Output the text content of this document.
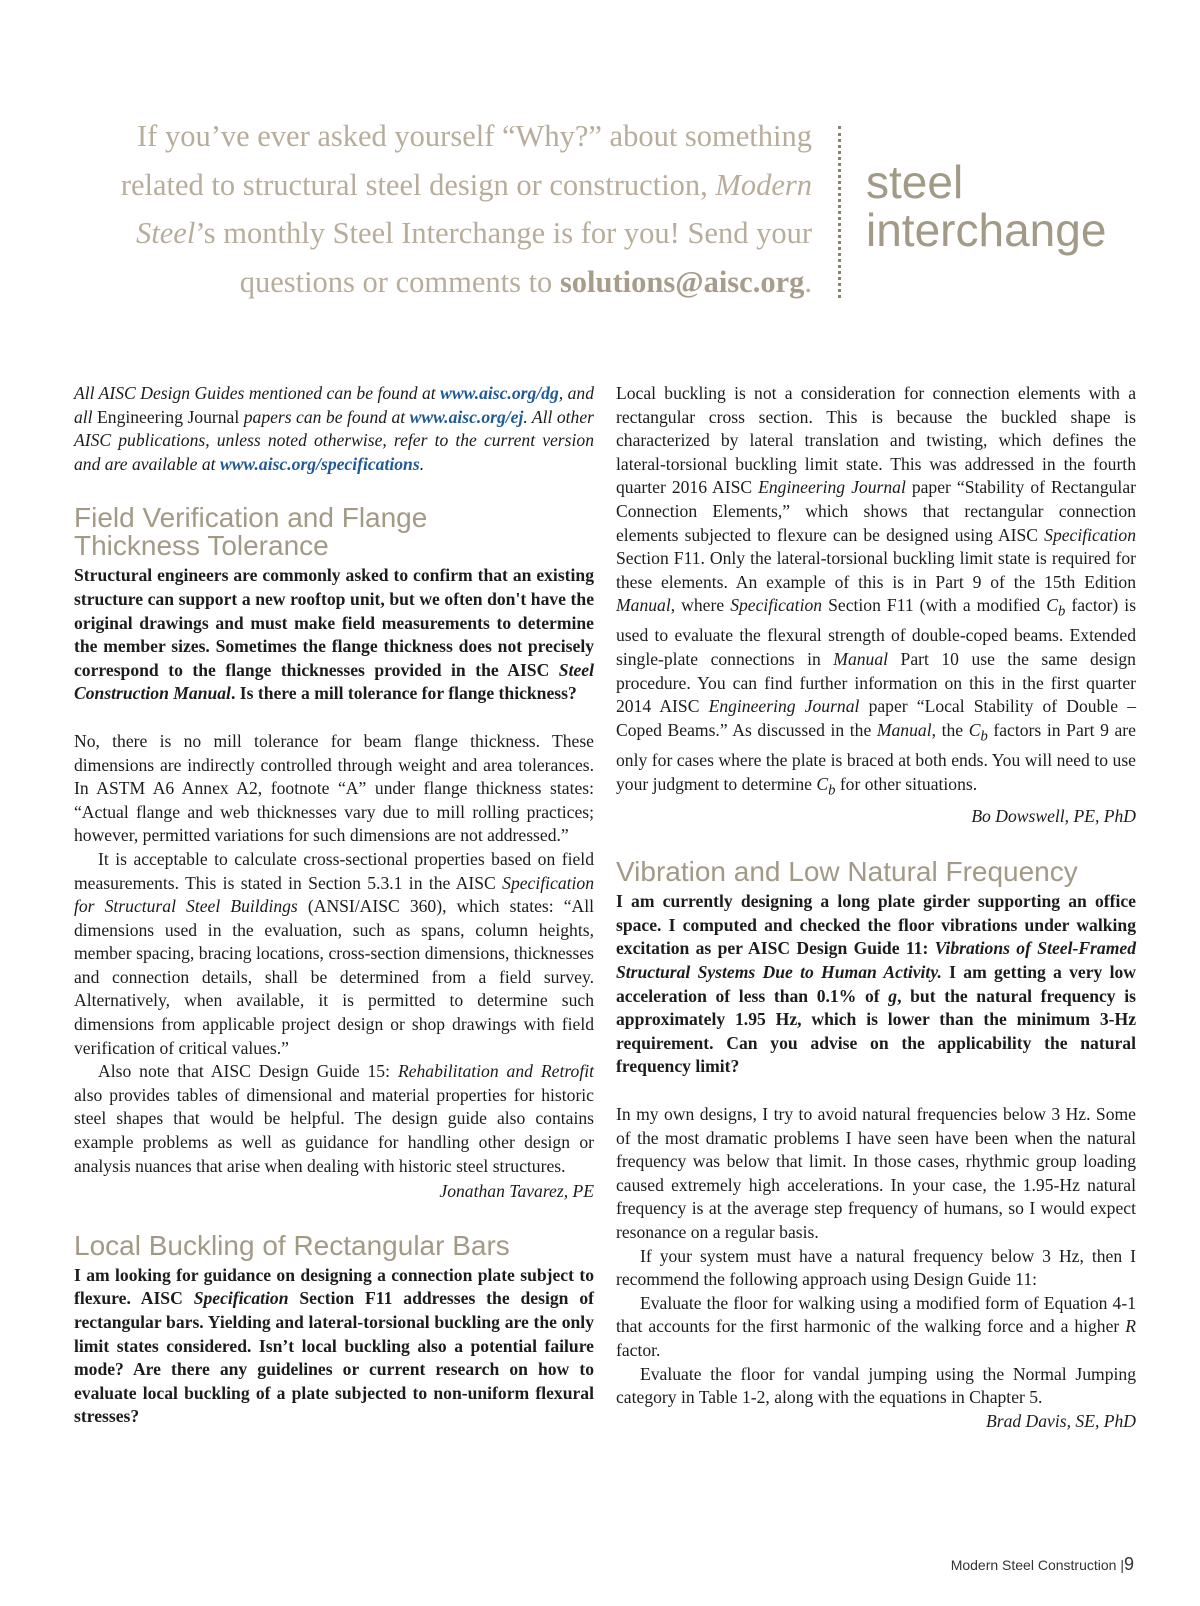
If you’ve ever asked yourself “Why?” about something related to structural steel design or construction, Modern Steel’s monthly Steel Interchange is for you! Send your questions or comments to solutions@aisc.org.
steel
interchange

All AISC Design Guides mentioned can be found at www.aisc.org/dg, and all Engineering Journal papers can be found at www.aisc.org/ej. All other AISC publications, unless noted otherwise, refer to the current version and are available at www.aisc.org/specifications.

Field Verification and Flange
Thickness Tolerance

Structural engineers are commonly asked to confirm that an existing structure can support a new rooftop unit, but we often don't have the original drawings and must make field measurements to determine the member sizes. Sometimes the flange thickness does not precisely correspond to the flange thicknesses provided in the AISC Steel Construction Manual. Is there a mill tolerance for flange thickness?

No, there is no mill tolerance for beam flange thickness. These dimensions are indirectly controlled through weight and area tolerances. In ASTM A6 Annex A2, footnote “A” under flange thickness states: “Actual flange and web thicknesses vary due to mill rolling practices; however, permitted variations for such dimensions are not addressed.”

It is acceptable to calculate cross-sectional properties based on field measurements. This is stated in Section 5.3.1 in the AISC Specification for Structural Steel Buildings (ANSI/AISC 360), which states: “All dimensions used in the evaluation, such as spans, column heights, member spacing, bracing locations, cross-section dimensions, thicknesses and connection details, shall be determined from a field survey. Alternatively, when available, it is permitted to determine such dimensions from applicable project design or shop drawings with field verification of critical values.”

Also note that AISC Design Guide 15: Rehabilitation and Retrofit also provides tables of dimensional and material properties for historic steel shapes that would be helpful. The design guide also contains example problems as well as guidance for handling other design or analysis nuances that arise when dealing with historic steel structures.

Jonathan Tavarez, PE

Local Buckling of Rectangular Bars

I am looking for guidance on designing a connection plate subject to flexure. AISC Specification Section F11 addresses the design of rectangular bars. Yielding and lateral-torsional buckling are the only limit states considered. Isn’t local buckling also a potential failure mode? Are there any guidelines or current research on how to evaluate local buckling of a plate subjected to non-uniform flexural stresses?

Local buckling is not a consideration for connection elements with a rectangular cross section. This is because the buckled shape is characterized by lateral translation and twisting, which defines the lateral-torsional buckling limit state. This was addressed in the fourth quarter 2016 AISC Engineering Journal paper “Stability of Rectangular Connection Elements,” which shows that rectangular connection elements subjected to flexure can be designed using AISC Specification Section F11. Only the lateral-torsional buckling limit state is required for these elements. An example of this is in Part 9 of the 15th Edition Manual, where Specification Section F11 (with a modified $C_b$ factor) is used to evaluate the flexural strength of double-coped beams. Extended single-plate connections in Manual Part 10 use the same design procedure. You can find further information on this in the first quarter 2014 AISC Engineering Journal paper “Local Stability of Double – Coped Beams.” As discussed in the Manual, the $C_b$ factors in Part 9 are only for cases where the plate is braced at both ends. You will need to use your judgment to determine $C_b$ for other situations.

Bo Dowswell, PE, PhD

Vibration and Low Natural Frequency

I am currently designing a long plate girder supporting an office space. I computed and checked the floor vibrations under walking excitation as per AISC Design Guide 11: Vibrations of Steel-Framed Structural Systems Due to Human Activity. I am getting a very low acceleration of less than 0.1% of g, but the natural frequency is approximately 1.95 Hz, which is lower than the minimum 3-Hz requirement. Can you advise on the applicability the natural frequency limit?

In my own designs, I try to avoid natural frequencies below 3 Hz. Some of the most dramatic problems I have seen have been when the natural frequency was below that limit. In those cases, rhythmic group loading caused extremely high accelerations. In your case, the 1.95-Hz natural frequency is at the average step frequency of humans, so I would expect resonance on a regular basis.

If your system must have a natural frequency below 3 Hz, then I recommend the following approach using Design Guide 11:

Evaluate the floor for walking using a modified form of Equation 4-1 that accounts for the first harmonic of the walking force and a higher R factor.

Evaluate the floor for vandal jumping using the Normal Jumping category in Table 1-2, along with the equations in Chapter 5.

Brad Davis, SE, PhD

Modern Steel Construction |9
